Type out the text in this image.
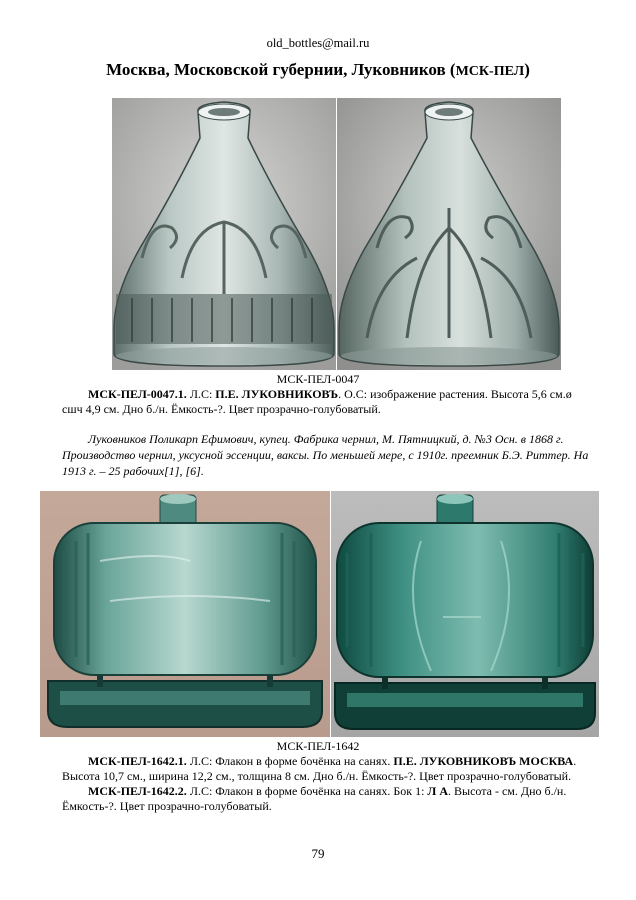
old_bottles@mail.ru
Москва, Московской губернии, Луковников (МСК-ПЕЛ)
МСК-ПЕЛ-0047
МСК-ПЕЛ-0047.1. Л.С: П.Е. ЛУКОВНИКОВЪ. О.С: изображение растения. Высота 5,6 см.ø сшч 4,9 см. Дно б./н. Ёмкость-?. Цвет прозрачно-голубоватый.
Луковников Поликарп Ефимович, купец. Фабрика чернил, М. Пятницкий, д. №3 Осн. в 1868 г. Производство чернил, уксусной эссенции, ваксы. По меньшей мере, с 1910г. преемник Б.Э. Риттер. На 1913 г. – 25 рабочих[1], [6].
МСК-ПЕЛ-1642
МСК-ПЕЛ-1642.1. Л.С: Флакон в форме бочёнка на санях. П.Е. ЛУКОВНИКОВЪ МОСКВА. Высота 10,7 см., ширина 12,2 см., толщина 8 см. Дно б./н. Ёмкость-?. Цвет прозрачно-голубоватый.
МСК-ПЕЛ-1642.2. Л.С: Флакон в форме бочёнка на санях. Бок 1: Л А. Высота - см. Дно б./н. Ёмкость-?. Цвет прозрачно-голубоватый.
79
